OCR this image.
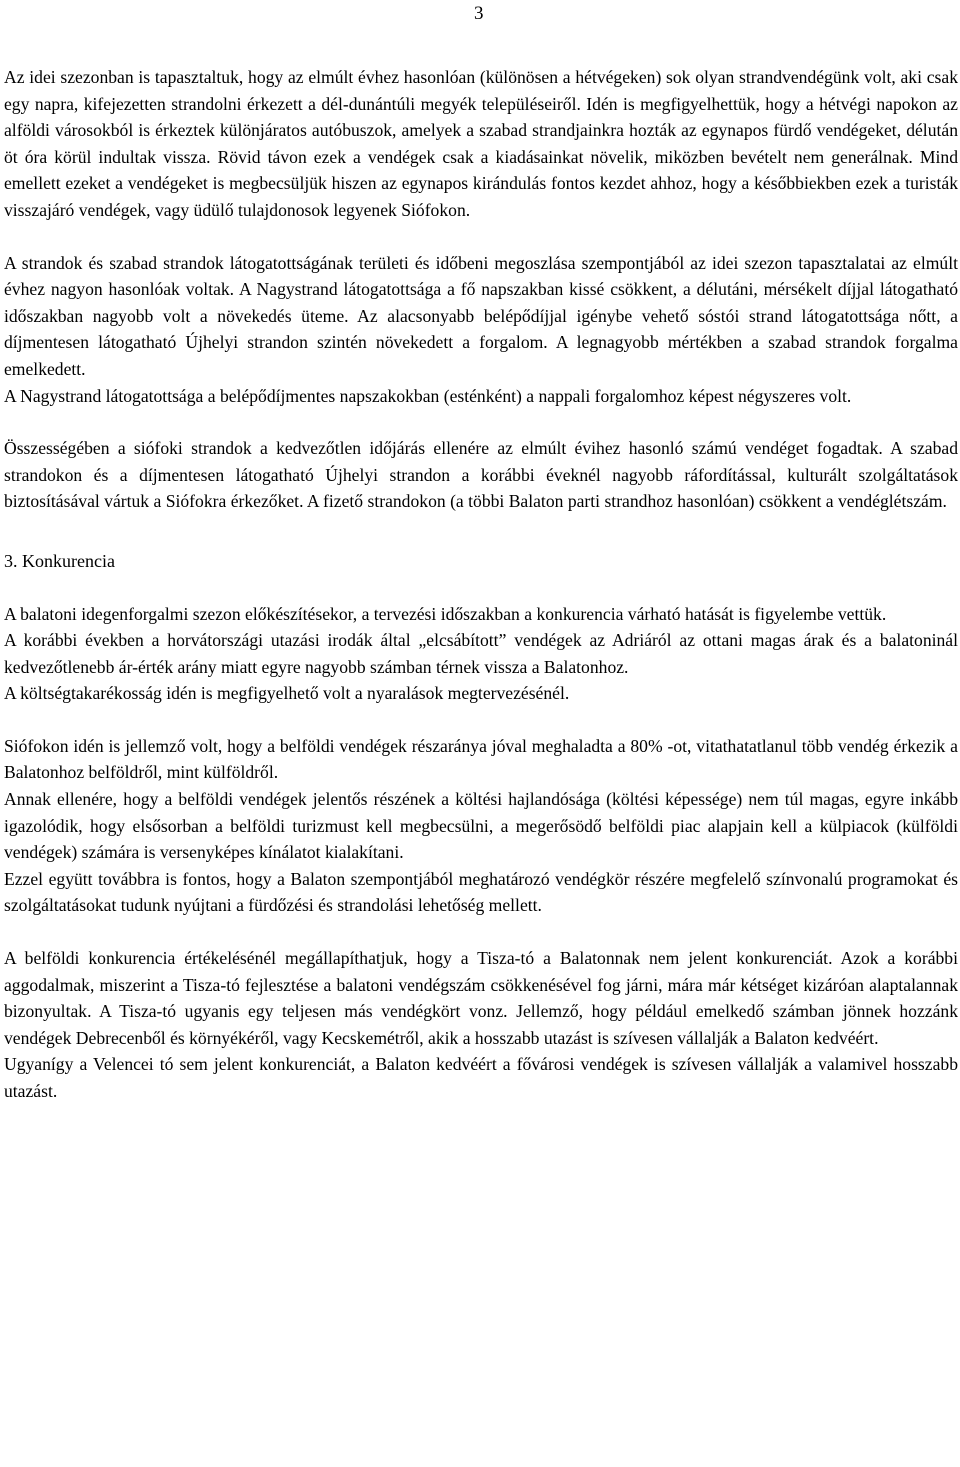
3

Az idei szezonban is tapasztaltuk, hogy az elmúlt évhez hasonlóan (különösen a hétvégeken) sok olyan strandvendégünk volt, aki csak egy napra, kifejezetten strandolni érkezett a dél-dunántúli megyék településeiről. Idén is megfigyelhettük, hogy a hétvégi napokon az alföldi városokból is érkeztek különjáratos autóbuszok, amelyek a szabad strandjainkra hozták az egynapos fürdő vendégeket, délután öt óra körül indultak vissza. Rövid távon ezek a vendégek csak a kiadásainkat növelik, miközben bevételt nem generálnak. Mind emellett ezeket a vendégeket is megbecsüljük hiszen az egynapos kirándulás fontos kezdet ahhoz, hogy a későbbiekben ezek a turisták visszajáró vendégek, vagy üdülő tulajdonosok legyenek Siófokon.

A strandok és szabad strandok látogatottságának területi és időbeni megoszlása szempontjából az idei szezon tapasztalatai az elmúlt évhez nagyon hasonlóak voltak. A Nagystrand látogatottsága a fő napszakban kissé csökkent, a délutáni, mérsékelt díjjal látogatható időszakban nagyobb volt a növekedés üteme. Az alacsonyabb belépődíjjal igénybe vehető sóstói strand látogatottsága nőtt, a díjmentesen látogatható Újhelyi strandon szintén növekedett a forgalom. A legnagyobb mértékben a szabad strandok forgalma emelkedett.

A Nagystrand látogatottsága a belépődíjmentes napszakokban (esténként) a nappali forgalomhoz képest négyszeres volt.

Összességében a siófoki strandok a kedvezőtlen időjárás ellenére az elmúlt évihez hasonló számú vendéget fogadtak. A szabad strandokon és a díjmentesen látogatható Újhelyi strandon a korábbi éveknél nagyobb ráfordítással, kulturált szolgáltatások biztosításával vártuk a Siófokra érkezőket. A fizető strandokon (a többi Balaton parti strandhoz hasonlóan) csökkent a vendéglétszám.

3. Konkurencia

A balatoni idegenforgalmi szezon előkészítésekor, a tervezési időszakban a konkurencia várható hatását is figyelembe vettük.

A korábbi években a horvátországi utazási irodák által „elcsábított” vendégek az Adriáról az ottani magas árak és a balatoninál kedvezőtlenebb ár-érték arány miatt egyre nagyobb számban térnek vissza a Balatonhoz.

A költségtakarékosság idén is megfigyelhető volt a nyaralások megtervezésénél.

Siófokon idén is jellemző volt, hogy a belföldi vendégek részaránya jóval meghaladta a 80% -ot, vitathatatlanul több vendég érkezik a Balatonhoz belföldről, mint külföldről.

Annak ellenére, hogy a belföldi vendégek jelentős részének a költési hajlandósága (költési képessége) nem túl magas, egyre inkább igazolódik, hogy elsősorban a belföldi turizmust kell megbecsülni, a megerősödő belföldi piac alapjain kell a külpiacok (külföldi vendégek) számára is versenyképes kínálatot kialakítani.

Ezzel együtt továbbra is fontos, hogy a Balaton szempontjából meghatározó vendégkör részére megfelelő színvonalú programokat és szolgáltatásokat tudunk nyújtani a fürdőzési és strandolási lehetőség mellett.

A belföldi konkurencia értékelésénél megállapíthatjuk, hogy a Tisza-tó a Balatonnak nem jelent konkurenciát. Azok a korábbi aggodalmak, miszerint a Tisza-tó fejlesztése a balatoni vendégszám csökkenésével fog járni, mára már kétséget kizáróan alaptalannak bizonyultak. A Tisza-tó ugyanis egy teljesen más vendégkört vonz. Jellemző, hogy például emelkedő számban jönnek hozzánk vendégek Debrecenből és környékéről, vagy Kecskemétről, akik a hosszabb utazást is szívesen vállalják a Balaton kedvéért.

Ugyanígy a Velencei tó sem jelent konkurenciát, a Balaton kedvéért a fővárosi vendégek is szívesen vállalják a valamivel hosszabb utazást.
